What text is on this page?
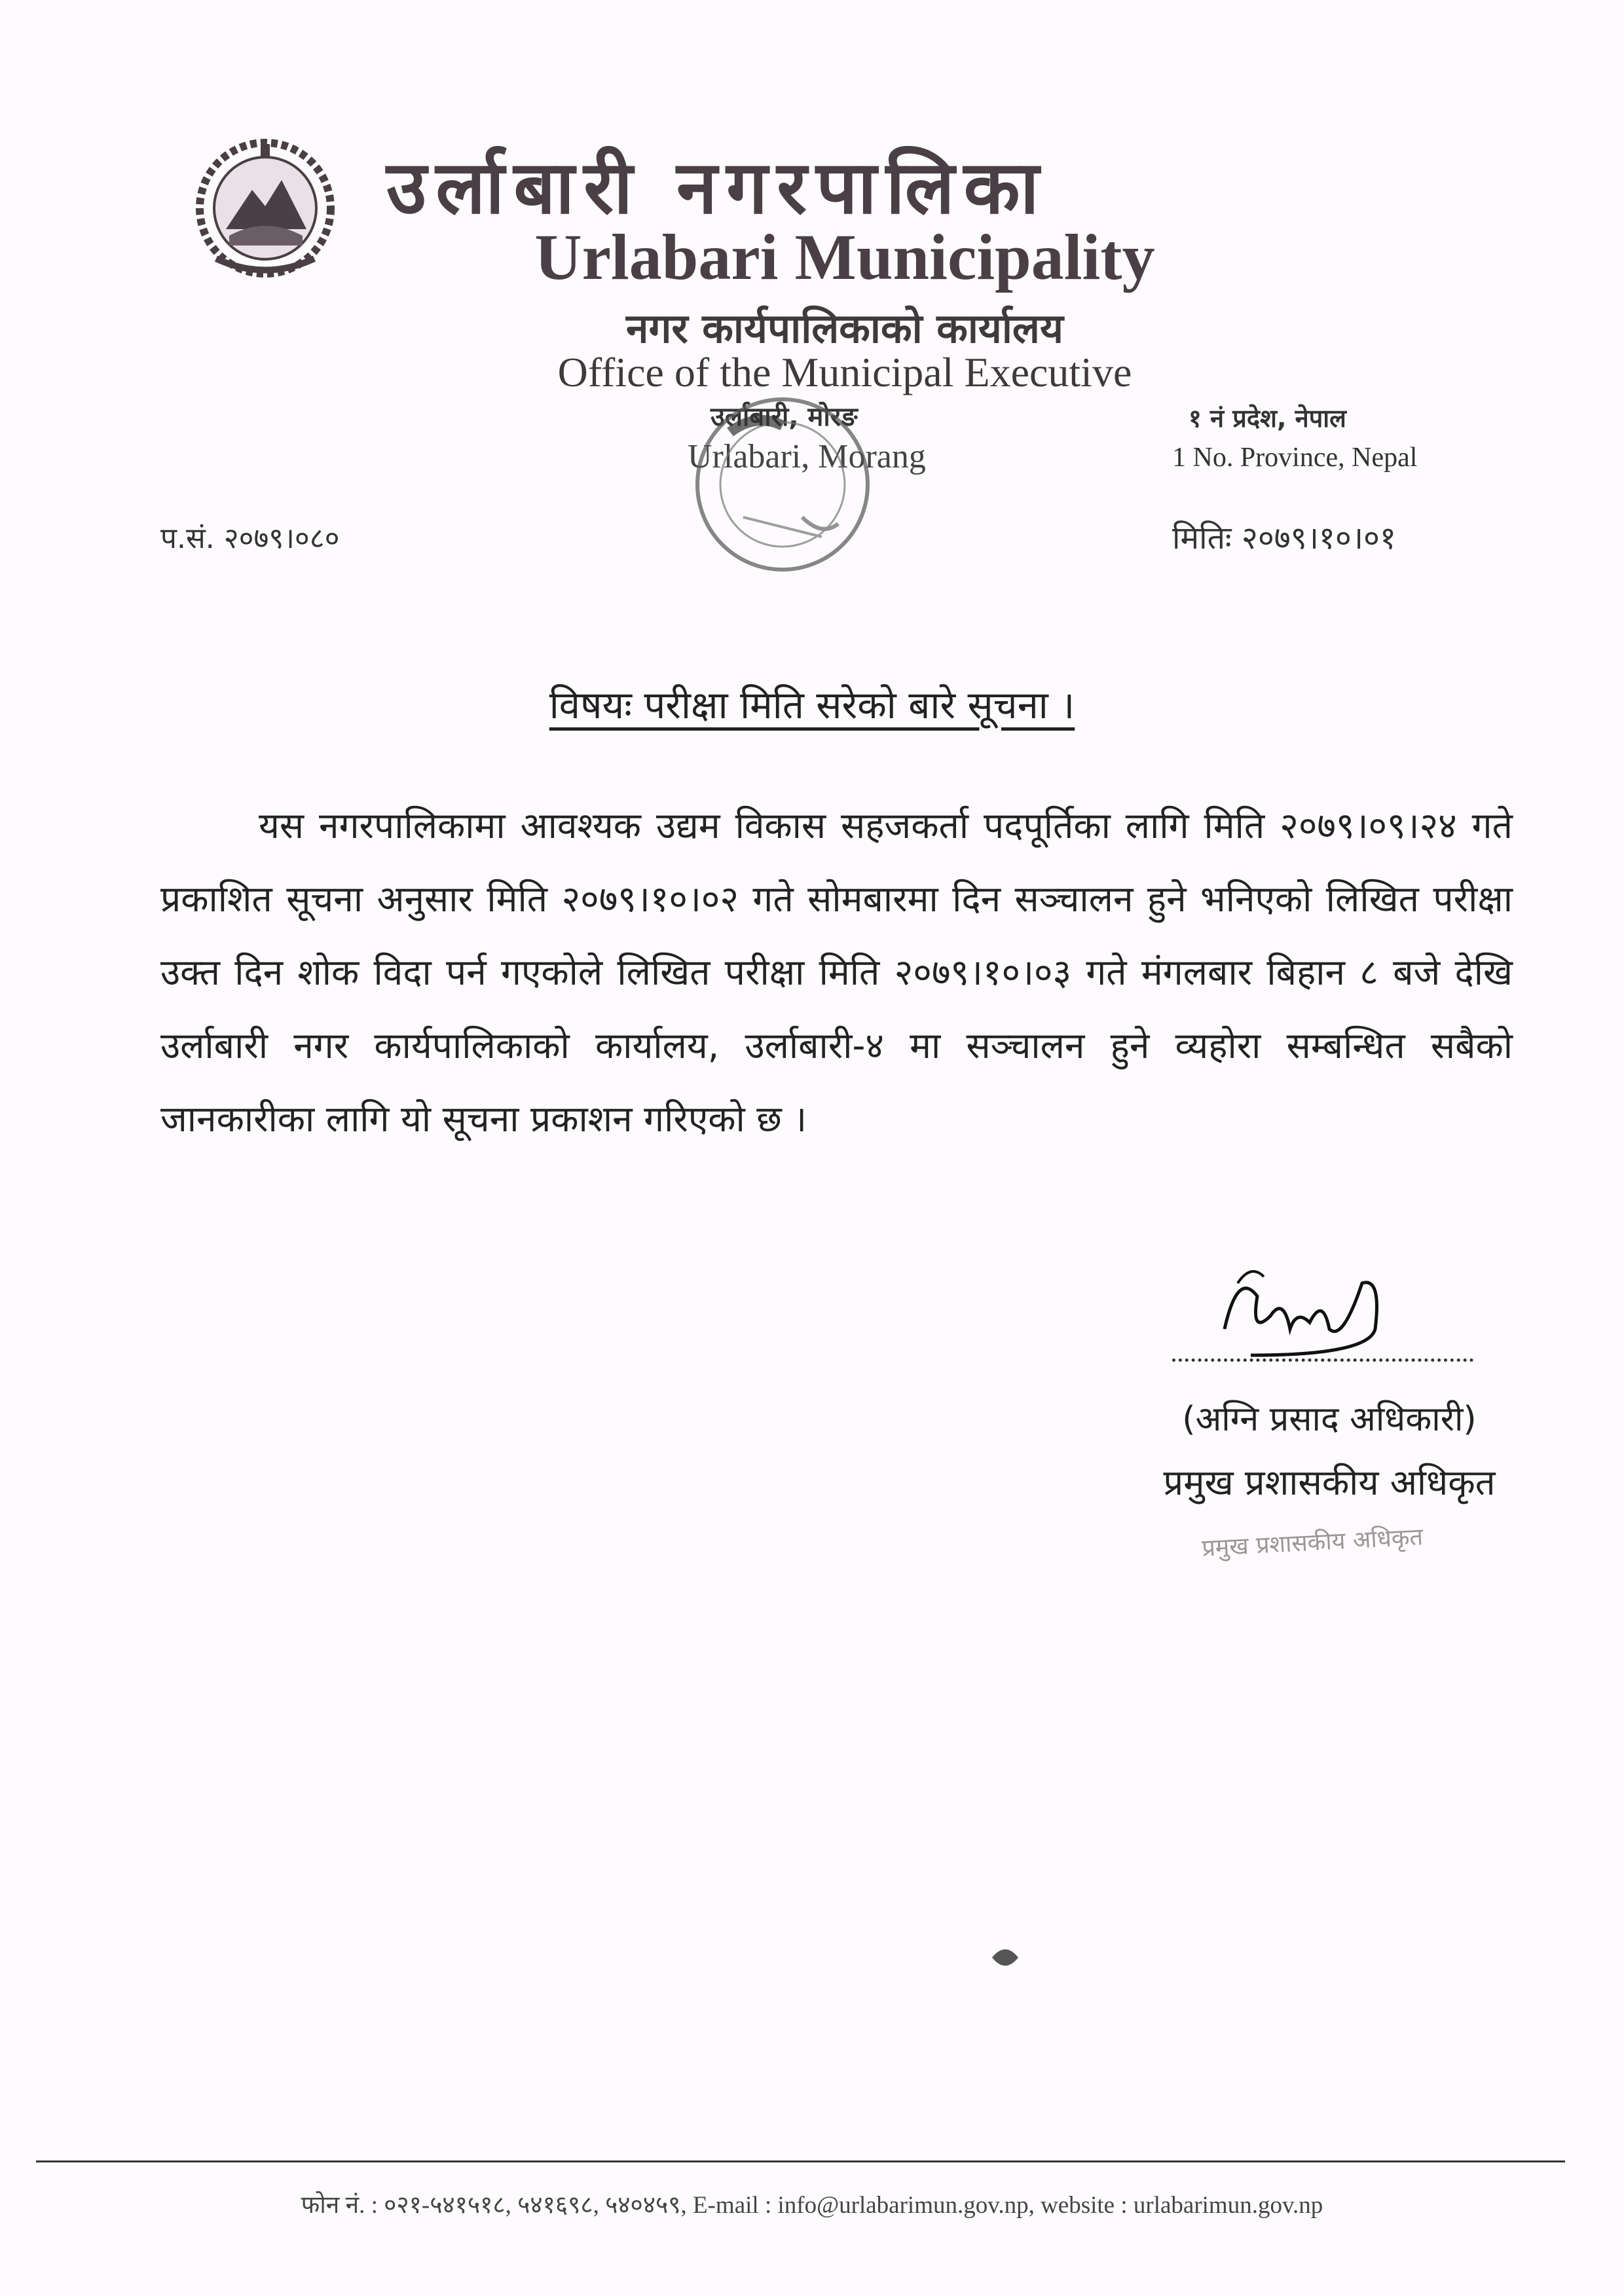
उर्लाबारी नगरपालिका
Urlabari Municipality
नगर कार्यपालिकाको कार्यालय
Office of the Municipal Executive
उर्लाबारी, मोरङ
Urlabari, Morang
१ नं प्रदेश, नेपाल
1 No. Province, Nepal
प.सं. २०७९।०८०	मितिः २०७९।१०।०१
विषयः परीक्षा मिति सरेको बारे सूचना ।
यस नगरपालिकामा आवश्यक उद्यम विकास सहजकर्ता पदपूर्तिका लागि मिति २०७९।०९।२४ गते प्रकाशित सूचना अनुसार मिति २०७९।१०।०२ गते सोमबारमा दिन सञ्चालन हुने भनिएको लिखित परीक्षा उक्त दिन शोक विदा पर्न गएकोले लिखित परीक्षा मिति २०७९।१०।०३ गते मंगलबार बिहान ८ बजे देखि उर्लाबारी नगर कार्यपालिकाको कार्यालय, उर्लाबारी-४ मा सञ्चालन हुने व्यहोरा सम्बन्धित सबैको जानकारीका लागि यो सूचना प्रकाशन गरिएको छ ।
(अग्नि प्रसाद अधिकारी)
प्रमुख प्रशासकीय अधिकृत
प्रमुख प्रशासकीय अधिकृत
फोन नं. : ०२१-५४१५१८, ५४१६९८, ५४०४५९, E-mail : info@urlabarimun.gov.np, website : urlabarimun.gov.np
